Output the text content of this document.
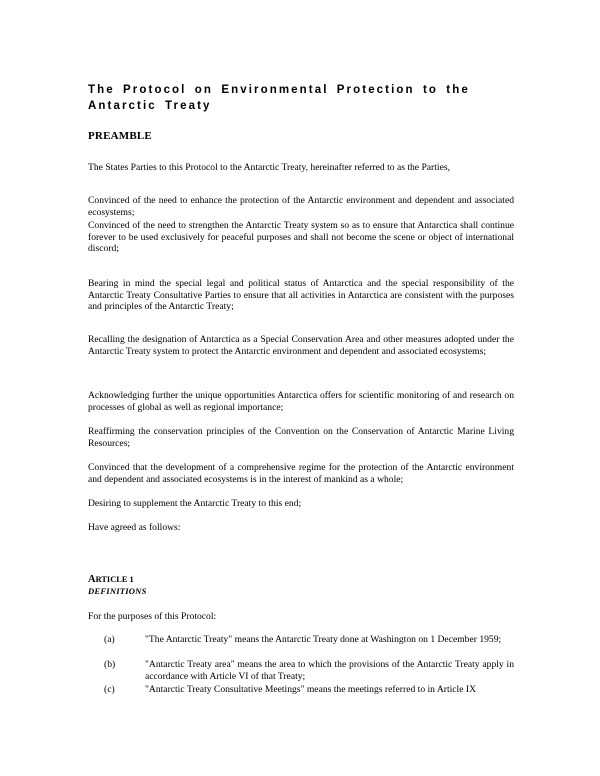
The Protocol on Environmental Protection to the Antarctic Treaty
PREAMBLE

The States Parties to this Protocol to the Antarctic Treaty, hereinafter referred to as the Parties,

Convinced of the need to enhance the protection of the Antarctic environment and dependent and associated ecosystems;

Convinced of the need to strengthen the Antarctic Treaty system so as to ensure that Antarctica shall continue forever to be used exclusively for peaceful purposes and shall not become the scene or object of international discord;

Bearing in mind the special legal and political status of Antarctica and the special responsibility of the Antarctic Treaty Consultative Parties to ensure that all activities in Antarctica are consistent with the purposes and principles of the Antarctic Treaty;

Recalling the designation of Antarctica as a Special Conservation Area and other measures adopted under the Antarctic Treaty system to protect the Antarctic environment and dependent and associated ecosystems;

Acknowledging further the unique opportunities Antarctica offers for scientific monitoring of and research on processes of global as well as regional importance;

Reaffirming the conservation principles of the Convention on the Conservation of Antarctic Marine Living Resources;

Convinced that the development of a comprehensive regime for the protection of the Antarctic environment and dependent and associated ecosystems is in the interest of mankind as a whole;

Desiring to supplement the Antarctic Treaty to this end;

Have agreed as follows:

ARTICLE 1
DEFINITIONS

For the purposes of this Protocol:

(a)	"The Antarctic Treaty" means the Antarctic Treaty done at Washington on 1 December 1959;
(b)	"Antarctic Treaty area" means the area to which the provisions of the Antarctic Treaty apply in accordance with Article VI of that Treaty;
(c)	"Antarctic Treaty Consultative Meetings" means the meetings referred to in Article IX
